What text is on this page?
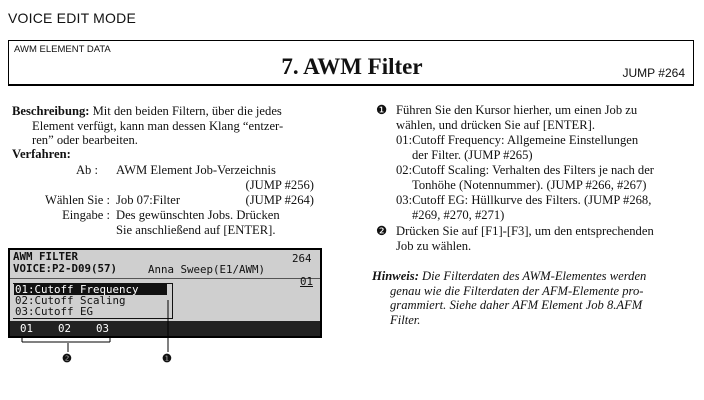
VOICE EDIT MODE
AWM ELEMENT DATA
7. AWM Filter	JUMP #264
Beschreibung: Mit den beiden Filtern, über die jedes
Element verfügt, kann man dessen Klang “entzer-
ren” oder bearbeiten.
Verfahren:
Ab : AWM Element Job-Verzeichnis
(JUMP #256)
Wählen Sie : Job 07:Filter	(JUMP #264)
Eingabe : Des gewünschten Jobs. Drücken
Sie anschließend auf [ENTER].
AWM FILTER	264
VOICE:P2-D09(57)	Anna Sweep(E1/AWM)
01
01:Cutoff Frequency
02:Cutoff Scaling
03:Cutoff EG
01 02 03
❷	❶
❶ Führen Sie den Kursor hierher, um einen Job zu
wählen, und drücken Sie auf [ENTER].
01:Cutoff Frequency: Allgemeine Einstellungen
der Filter. (JUMP #265)
02:Cutoff Scaling: Verhalten des Filters je nach der
Tonhöhe (Notennummer). (JUMP #266, #267)
03:Cutoff EG: Hüllkurve des Filters. (JUMP #268,
#269, #270, #271)
❷ Drücken Sie auf [F1]-[F3], um den entsprechenden
Job zu wählen.
Hinweis: Die Filterdaten des AWM-Elementes werden
genau wie die Filterdaten der AFM-Elemente pro-
grammiert. Siehe daher AFM Element Job 8.AFM
Filter.
